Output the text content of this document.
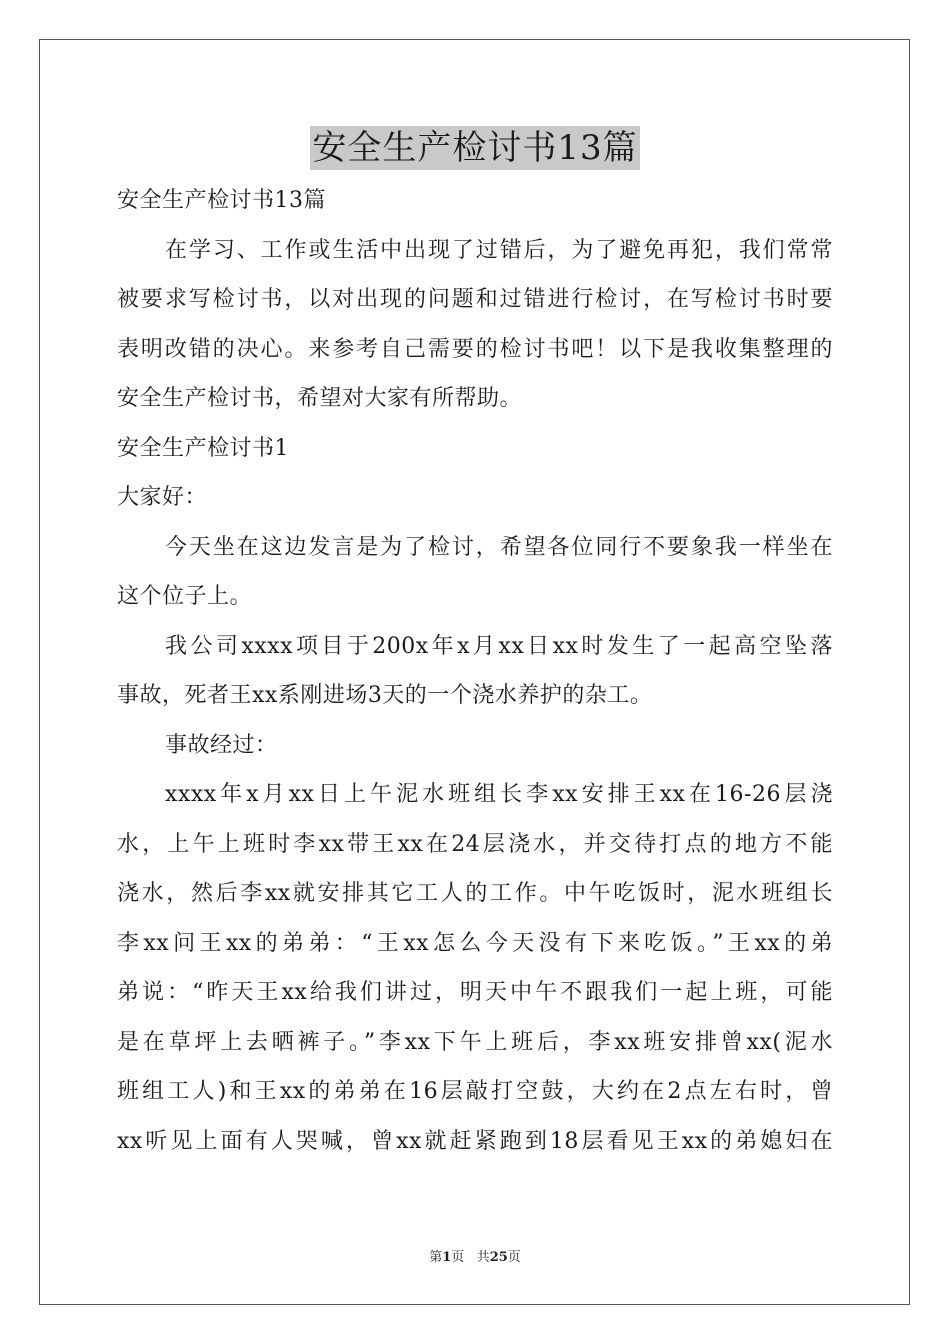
安全生产检讨书13篇
安全生产检讨书13篇
在学习、工作或生活中出现了过错后，为了避免再犯，我们常常
被要求写检讨书，以对出现的问题和过错进行检讨，在写检讨书时要
表明改错的决心。来参考自己需要的检讨书吧！以下是我收集整理的
安全生产检讨书，希望对大家有所帮助。
安全生产检讨书1
大家好：
今天坐在这边发言是为了检讨，希望各位同行不要象我一样坐在
这个位子上。
我公司xxxx项目于200x年x月xx日xx时发生了一起高空坠落
事故，死者王xx系刚进场3天的一个浇水养护的杂工。
事故经过：
xxxx年x月xx日上午泥水班组长李xx安排王xx在16-26层浇
水，上午上班时李xx带王xx在24层浇水，并交待打点的地方不能
浇水，然后李xx就安排其它工人的工作。中午吃饭时，泥水班组长
李xx问王xx的弟弟：“王xx怎么今天没有下来吃饭。”王xx的弟
弟说：“昨天王xx给我们讲过，明天中午不跟我们一起上班，可能
是在草坪上去晒裤子。”李xx下午上班后，李xx班安排曾xx(泥水
班组工人)和王xx的弟弟在16层敲打空鼓，大约在2点左右时，曾
xx听见上面有人哭喊，曾xx就赶紧跑到18层看见王xx的弟媳妇在
第1页 共25页
